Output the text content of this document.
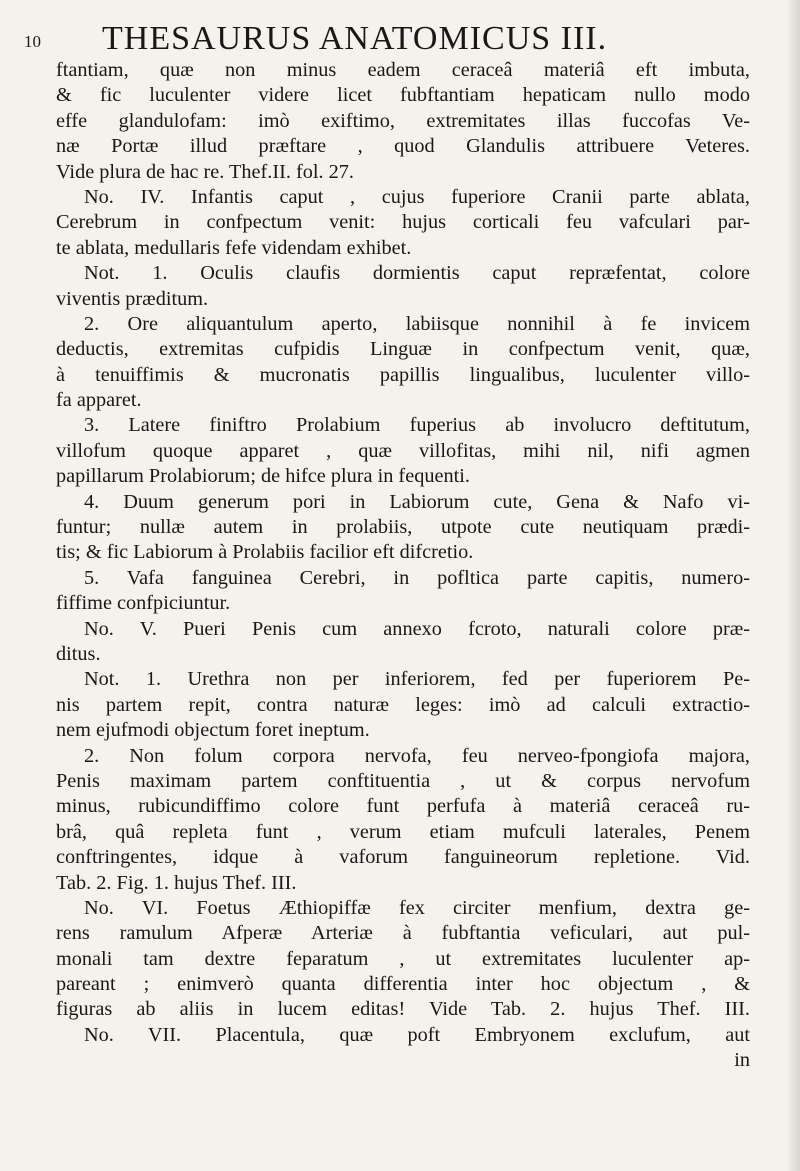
10 THESAURUS ANATOMICUS III.
ftantiam, quæ non minus eadem ceraceâ materiâ eft imbuta,
& fic luculenter videre licet fubftantiam hepaticam nullo modo
effe glandulofam: imò exiftimo, extremitates illas fuccofas Ve-
næ Portæ illud præftare , quod Glandulis attribuere Veteres.
Vide plura de hac re. Thef.II. fol. 27.
No. IV. Infantis caput , cujus fuperiore Cranii parte ablata,
Cerebrum in confpectum venit: hujus corticali feu vafculari par-
te ablata, medullaris fefe videndam exhibet.
Not. 1. Oculis claufis dormientis caput repræfentat, colore
viventis præditum.
2. Ore aliquantulum aperto, labiisque nonnihil à fe invicem
deductis, extremitas cufpidis Linguæ in confpectum venit, quæ,
à tenuiffimis & mucronatis papillis lingualibus, luculenter villo-
fa apparet.
3. Latere finiftro Prolabium fuperius ab involucro deftitutum,
villofum quoque apparet , quæ villofitas, mihi nil, nifi agmen
papillarum Prolabiorum; de hifce plura in fequenti.
4. Duum generum pori in Labiorum cute, Gena & Nafo vi-
funtur; nullæ autem in prolabiis, utpote cute neutiquam prædi-
tis; & fic Labiorum à Prolabiis facilior eft difcretio.
5. Vafa fanguinea Cerebri, in pofltica parte capitis, numero-
fiffime confpiciuntur.
No. V. Pueri Penis cum annexo fcroto, naturali colore præ-
ditus.
Not. 1. Urethra non per inferiorem, fed per fuperiorem Pe-
nis partem repit, contra naturæ leges: imò ad calculi extractio-
nem ejufmodi objectum foret ineptum.
2. Non folum corpora nervofa, feu nerveo-fpongiofa majora,
Penis maximam partem conftituentia , ut & corpus nervofum
minus, rubicundiffimo colore funt perfufa à materiâ ceraceâ ru-
brâ, quâ repleta funt , verum etiam mufculi laterales, Penem
conftringentes, idque à vaforum fanguineorum repletione. Vid.
Tab. 2. Fig. 1. hujus Thef. III.
No. VI. Foetus Æthiopiffæ fex circiter menfium, dextra ge-
rens ramulum Afperæ Arteriæ à fubftantia veficulari, aut pul-
monali tam dextre feparatum , ut extremitates luculenter ap-
pareant ; enimverò quanta differentia inter hoc objectum , &
figuras ab aliis in lucem editas! Vide Tab. 2. hujus Thef. III.
No. VII. Placentula, quæ poft Embryonem exclufum, aut
in
